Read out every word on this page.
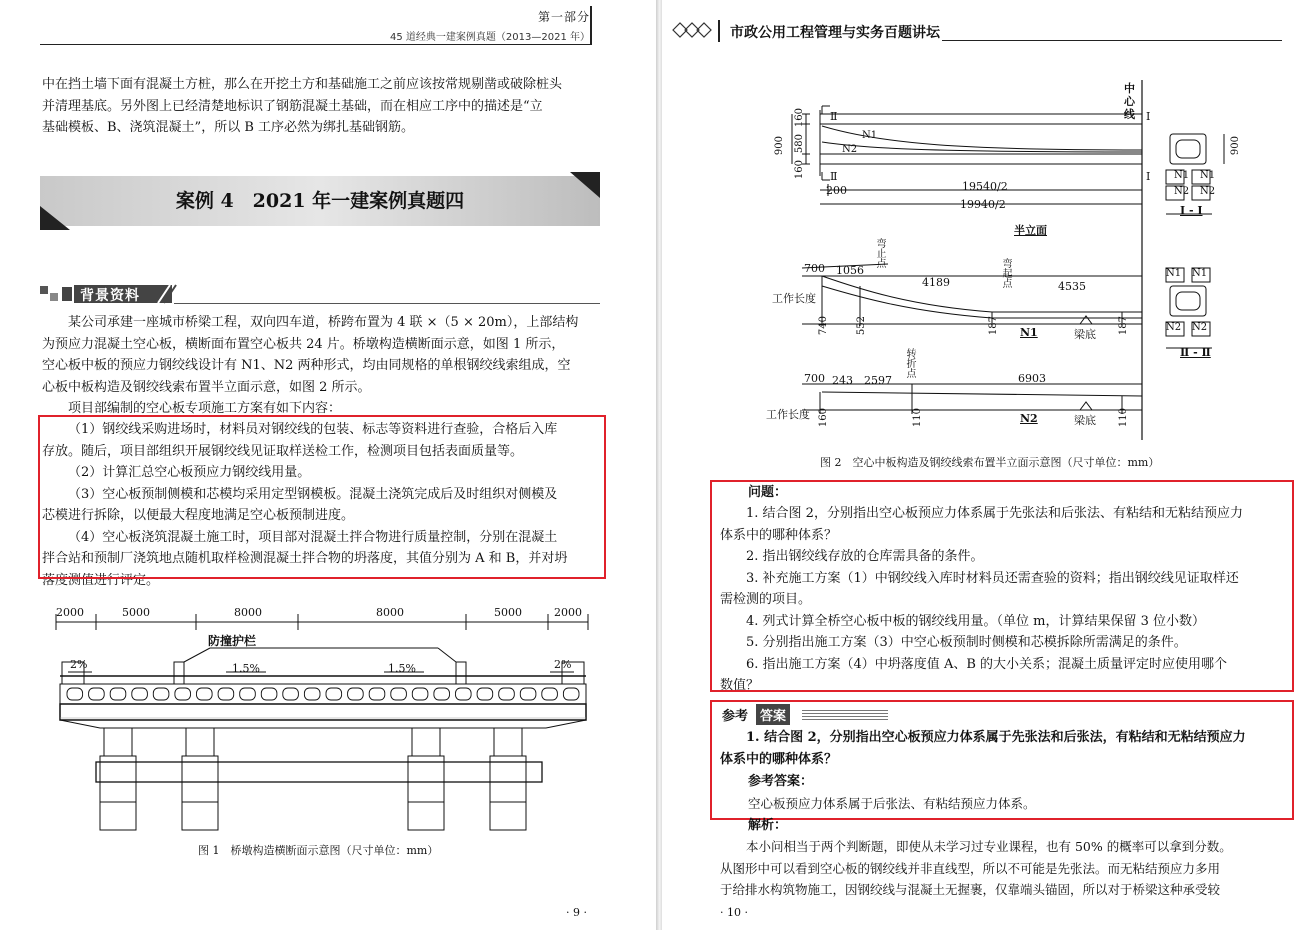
第一部分
45 道经典一建案例真题（2013—2021 年）
中在挡土墙下面有混凝土方桩，那么在开挖土方和基础施工之前应该按常规剔凿或破除桩头
并清理基底。另外图上已经清楚地标识了钢筋混凝土基础，而在相应工序中的描述是“立
基础模板、B、浇筑混凝土”，所以 B 工序必然为绑扎基础钢筋。
案例 4　2021 年一建案例真题四
背景资料
某公司承建一座城市桥梁工程，双向四车道，桥跨布置为 4 联 ×（5 × 20m），上部结构
为预应力混凝土空心板，横断面布置空心板共 24 片。桥墩构造横断面示意，如图 1 所示，
空心板中板的预应力钢绞线设计有 N1、N2 两种形式，均由同规格的单根钢绞线索组成，空
心板中板构造及钢绞线索布置半立面示意，如图 2 所示。
项目部编制的空心板专项施工方案有如下内容：
（1）钢绞线采购进场时，材料员对钢绞线的包装、标志等资料进行查验，合格后入库
存放。随后，项目部组织开展钢绞线见证取样送检工作，检测项目包括表面质量等。
（2）计算汇总空心板预应力钢绞线用量。
（3）空心板预制侧模和芯模均采用定型钢模板。混凝土浇筑完成后及时组织对侧模及
芯模进行拆除，以便最大程度地满足空心板预制进度。
（4）空心板浇筑混凝土施工时，项目部对混凝土拌合物进行质量控制，分别在混凝土
拌合站和预制厂浇筑地点随机取样检测混凝土拌合物的坍落度，其值分别为 A 和 B，并对坍
落度测值进行评定。
2000	5000	8000	8000	5000	2000
防撞护栏
2%	1.5%	1.5%	2%
图 1　桥墩构造横断面示意图（尺寸单位：mm）
· 9 ·
市政公用工程管理与实务百题讲坛
中心线
Ⅱ
Ⅱ
Ⅰ
Ⅰ
160
580
160
900	900
N1
N2
N1 N1
N2 N2
200	19540/2
19940/2
半立面
Ⅰ - Ⅰ
N1 N1
N2 N2
Ⅱ - Ⅱ
700 1056
4189	4535
弯止点
弯起点
工作长度
740	552	187	187
N1	梁底
700 243 2597	6903
转折点
工作长度 160	110	110
N2	梁底
图 2　空心中板构造及钢绞线索布置半立面示意图（尺寸单位：mm）
问题：
1. 结合图 2，分别指出空心板预应力体系属于先张法和后张法、有粘结和无粘结预应力
体系中的哪种体系？
2. 指出钢绞线存放的仓库需具备的条件。
3. 补充施工方案（1）中钢绞线入库时材料员还需查验的资料；指出钢绞线见证取样还
需检测的项目。
4. 列式计算全桥空心板中板的钢绞线用量。（单位 m，计算结果保留 3 位小数）
5. 分别指出施工方案（3）中空心板预制时侧模和芯模拆除所需满足的条件。
6. 指出施工方案（4）中坍落度值 A、B 的大小关系；混凝土质量评定时应使用哪个
数值？
参考 答案
1. 结合图 2，分别指出空心板预应力体系属于先张法和后张法，有粘结和无粘结预应力
体系中的哪种体系？
参考答案：
空心板预应力体系属于后张法、有粘结预应力体系。
解析：
本小问相当于两个判断题，即使从未学习过专业课程，也有 50% 的概率可以拿到分数。
从图形中可以看到空心板的钢绞线并非直线型，所以不可能是先张法。而无粘结预应力多用
于给排水构筑物施工，因钢绞线与混凝土无握裹，仅靠端头锚固，所以对于桥梁这种承受较
· 10 ·
